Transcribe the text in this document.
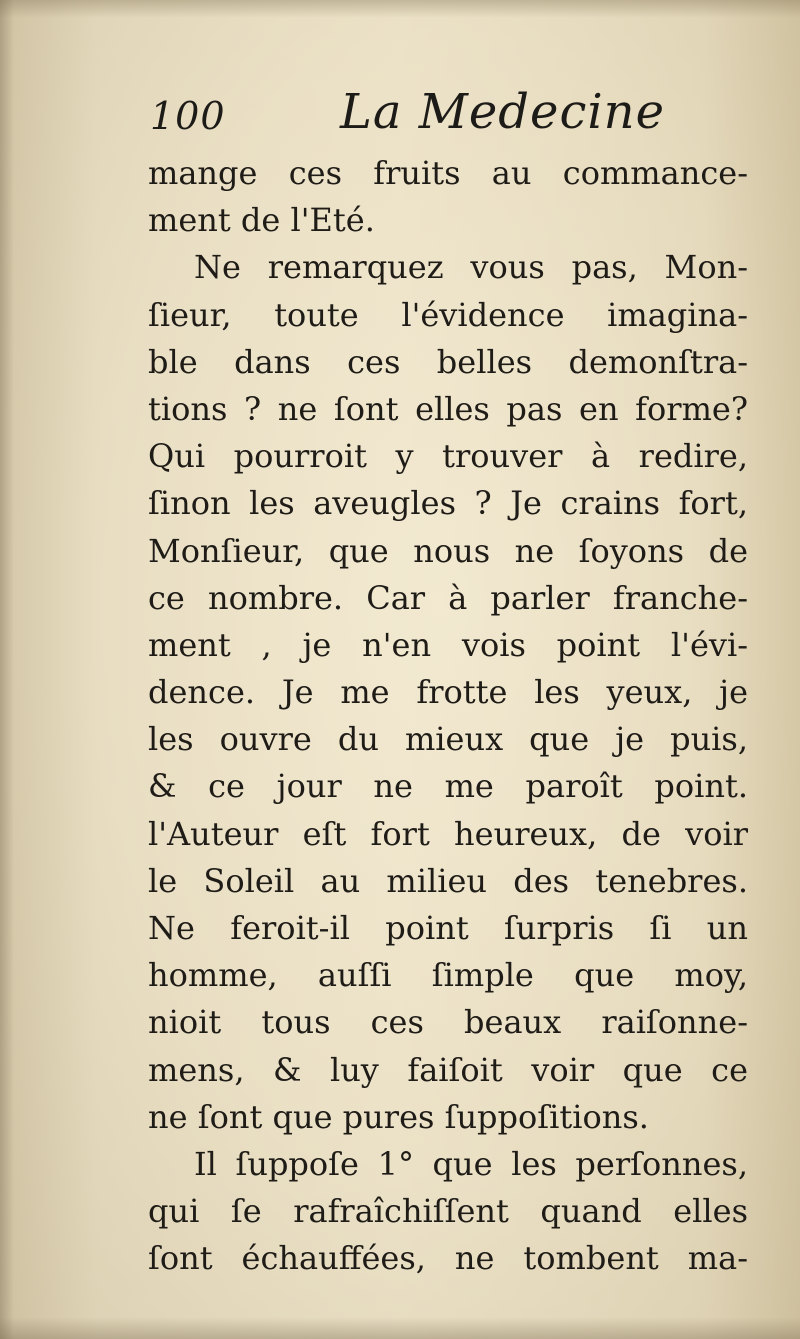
100 La Medecine
mange ces fruits au commance-
ment de l'Eté.
Ne remarquez vous pas, Mon-
ſieur, toute l'évidence imagina-
ble dans ces belles demonſtra-
tions ? ne ſont elles pas en forme?
Qui pourroit y trouver à redire,
ſinon les aveugles ? Je crains fort,
Monſieur, que nous ne ſoyons de
ce nombre. Car à parler franche-
ment , je n'en vois point l'évi-
dence. Je me frotte les yeux, je
les ouvre du mieux que je puis,
& ce jour ne me paroît point.
l'Auteur eſt fort heureux, de voir
le Soleil au milieu des tenebres.
Ne feroit-il point ſurpris ſi un
homme, auſſi ſimple que moy,
nioit tous ces beaux raiſonne-
mens, & luy faiſoit voir que ce
ne ſont que pures ſuppoſitions.
Il ſuppoſe 1° que les perſonnes,
qui ſe rafraîchiſſent quand elles
ſont échauffées, ne tombent ma-
